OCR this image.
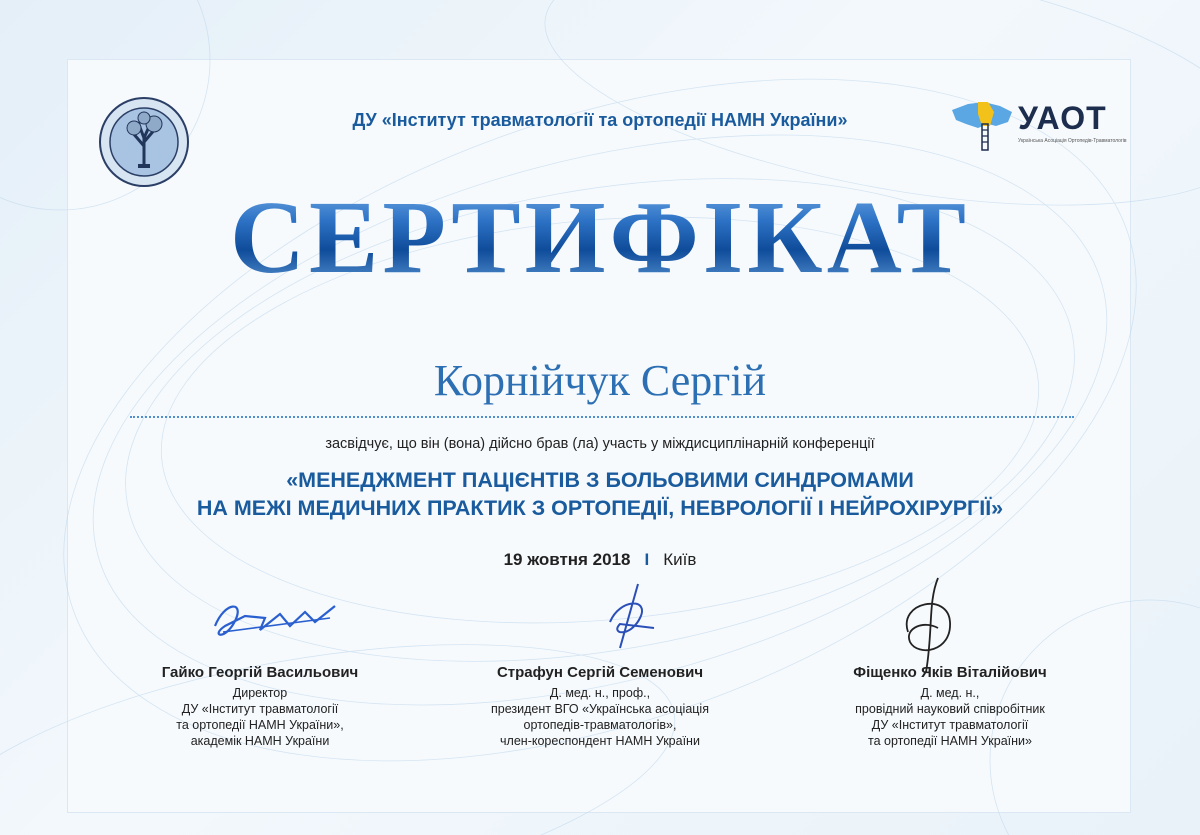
УАОТ
Українська Асоціація Ортопедів-Травматологів
ДУ «Інститут травматології та ортопедії НАМН України»
СЕРТИФІКАТ
Корнійчук Сергій
засвідчує, що він (вона) дійсно брав (ла) участь у міждисциплінарній конференції
«МЕНЕДЖМЕНТ ПАЦІЄНТІВ З БОЛЬОВИМИ СИНДРОМАМИ
НА МЕЖІ МЕДИЧНИХ ПРАКТИК З ОРТОПЕДІЇ, НЕВРОЛОГІЇ І НЕЙРОХІРУРГІЇ»
19 жовтня 2018 I Київ
Гайко Георгій Васильович
Директор
ДУ «Інститут травматології
та ортопедії НАМН України»,
академік НАМН України
Страфун Сергій Семенович
Д. мед. н., проф.,
президент ВГО «Українська асоціація
ортопедів-травматологів»,
член-кореспондент НАМН України
Фіщенко Яків Віталійович
Д. мед. н.,
провідний науковий співробітник
ДУ «Інститут травматології
та ортопедії НАМН України»
